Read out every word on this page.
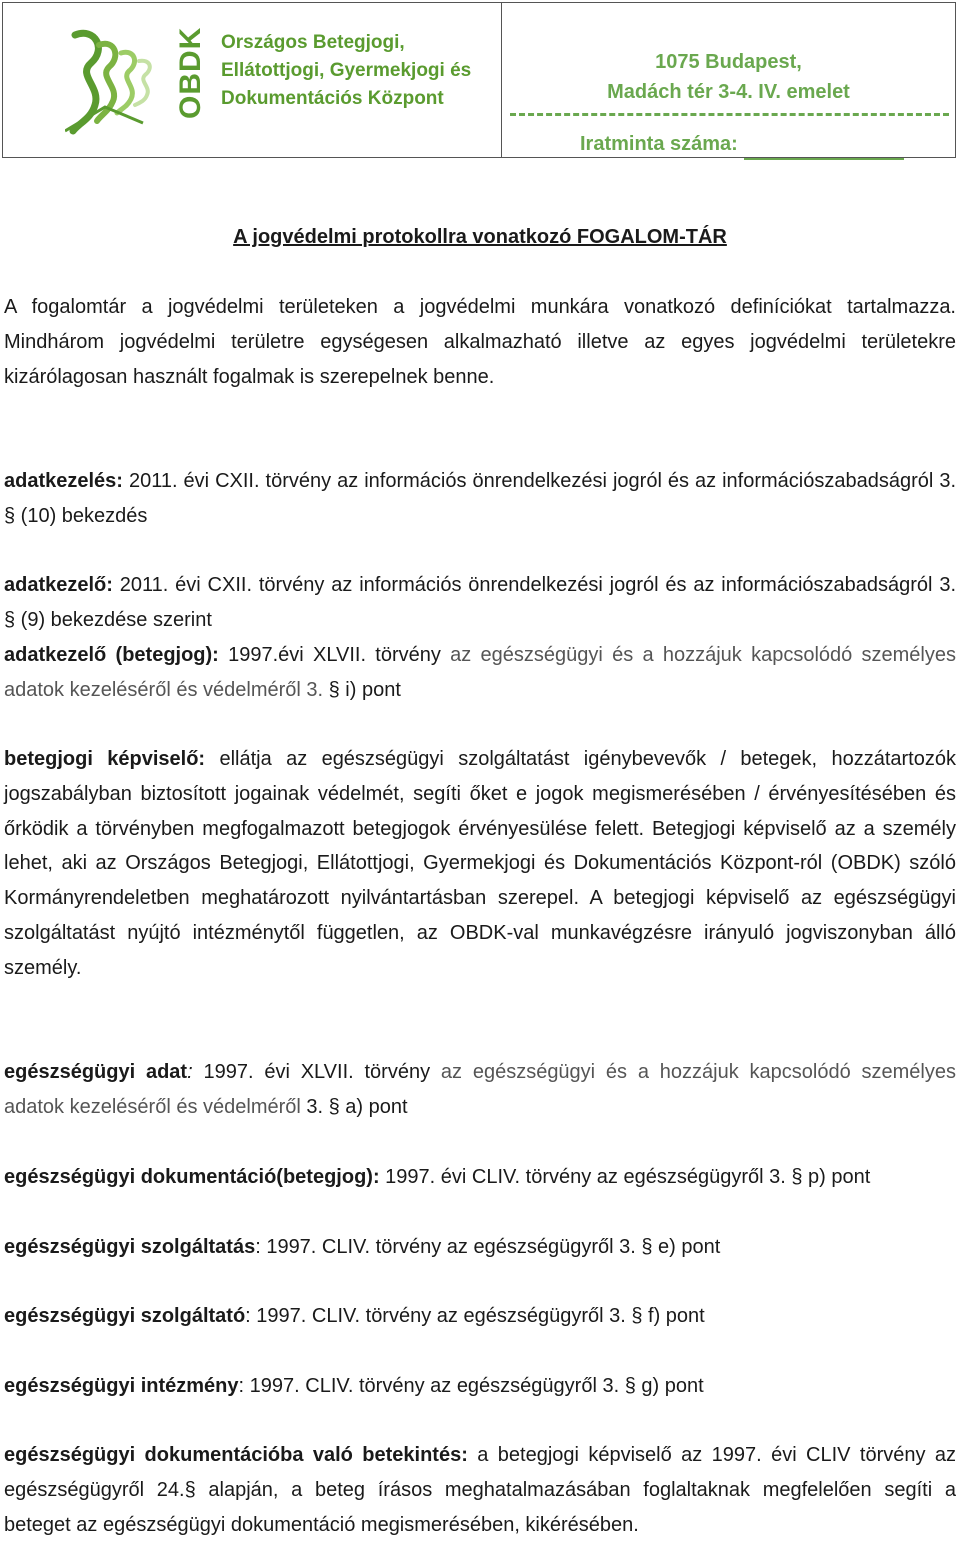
OBDK Országos Betegjogi,
Ellátottjogi, Gyermekjogi és
Dokumentációs Központ
1075 Budapest,
Madách tér 3-4. IV. emelet
Iratminta száma:
A jogvédelmi protokollra vonatkozó FOGALOM-TÁR
A fogalomtár a jogvédelmi területeken a jogvédelmi munkára vonatkozó definíciókat tartalmazza. Mindhárom jogvédelmi területre egységesen alkalmazható illetve az egyes jogvédelmi területekre kizárólagosan használt fogalmak is szerepelnek benne.
adatkezelés: 2011. évi CXII. törvény az információs önrendelkezési jogról és az információszabadságról 3. § (10) bekezdés
adatkezelő: 2011. évi CXII. törvény az információs önrendelkezési jogról és az információszabadságról 3. § (9) bekezdése szerint
adatkezelő (betegjog): 1997.évi XLVII. törvény az egészségügyi és a hozzájuk kapcsolódó személyes adatok kezeléséről és védelméről 3. § i) pont
betegjogi képviselő: ellátja az egészségügyi szolgáltatást igénybevevők / betegek, hozzátartozók jogszabályban biztosított jogainak védelmét, segíti őket e jogok megismerésében / érvényesítésében és őrködik a törvényben megfogalmazott betegjogok érvényesülése felett. Betegjogi képviselő az a személy lehet, aki az Országos Betegjogi, Ellátottjogi, Gyermekjogi és Dokumentációs Központ-ról (OBDK) szóló Kormányrendeletben meghatározott nyilvántartásban szerepel. A betegjogi képviselő az egészségügyi szolgáltatást nyújtó intézménytől független, az OBDK-val munkavégzésre irányuló jogviszonyban álló személy.
egészségügyi adat: 1997. évi XLVII. törvény az egészségügyi és a hozzájuk kapcsolódó személyes adatok kezeléséről és védelméről 3. § a) pont
egészségügyi dokumentáció(betegjog): 1997. évi CLIV. törvény az egészségügyről 3. § p) pont
egészségügyi szolgáltatás: 1997. CLIV. törvény az egészségügyről 3. § e) pont
egészségügyi szolgáltató: 1997. CLIV. törvény az egészségügyről 3. § f) pont
egészségügyi intézmény: 1997. CLIV. törvény az egészségügyről 3. § g) pont
egészségügyi dokumentációba való betekintés: a betegjogi képviselő az 1997. évi CLIV törvény az egészségügyről 24.§ alapján, a beteg írásos meghatalmazásában foglaltaknak megfelelően segíti a beteget az egészségügyi dokumentáció megismerésében, kikérésében.
